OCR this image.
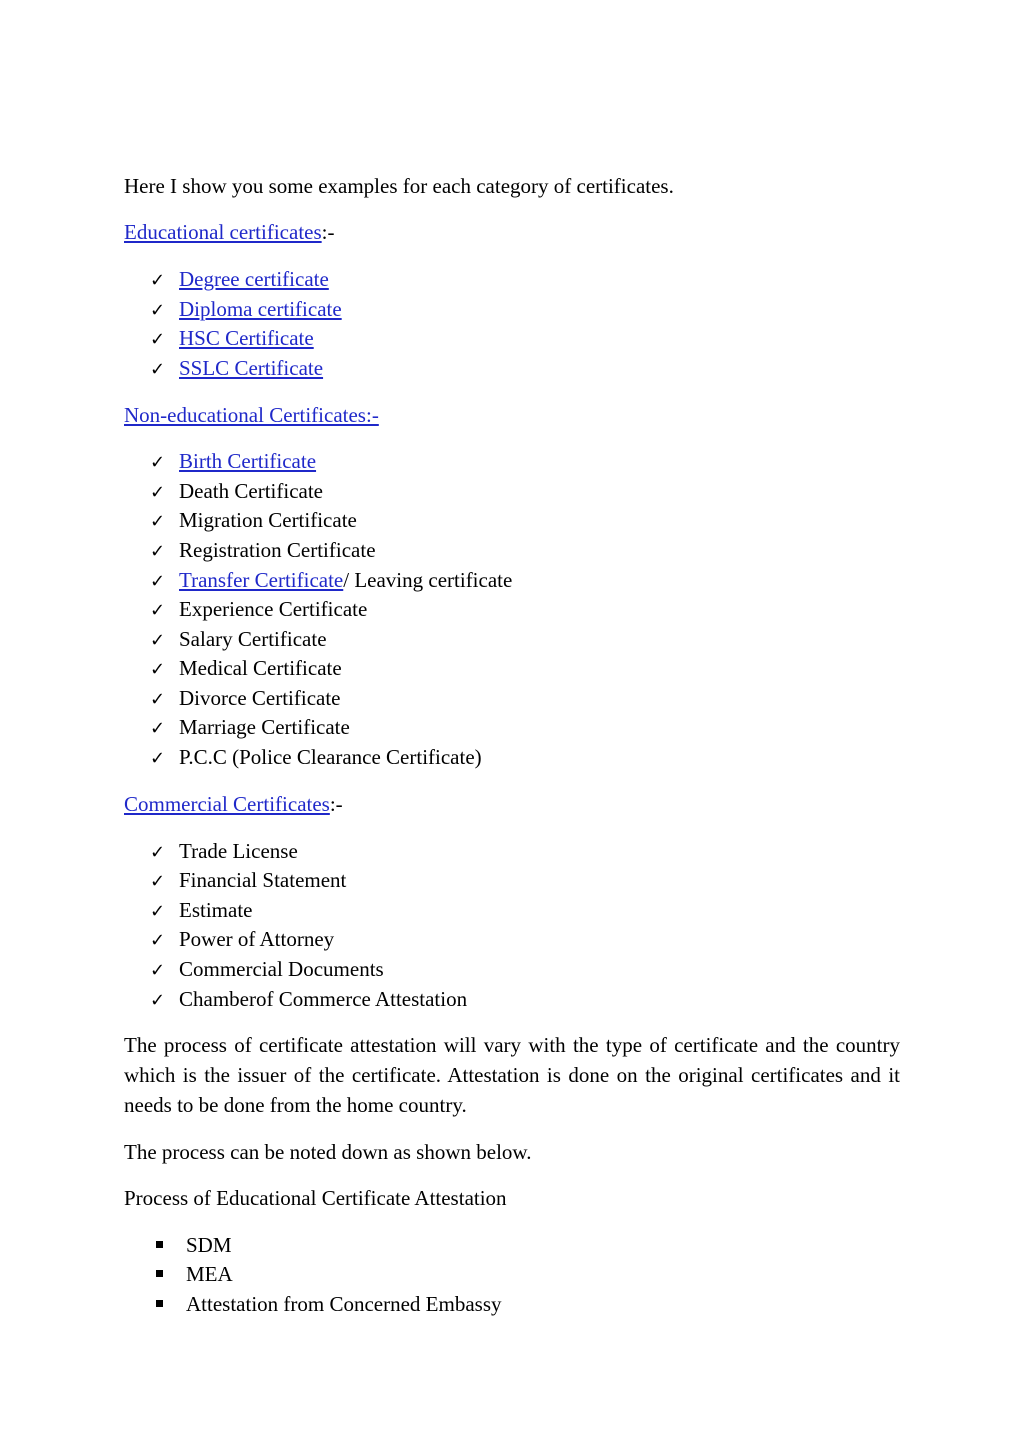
Here I show you some examples for each category of certificates.
Educational certificates:-
✓ Degree certificate
✓ Diploma certificate
✓ HSC Certificate
✓ SSLC Certificate
Non-educational Certificates:-
✓ Birth Certificate
✓ Death Certificate
✓ Migration Certificate
✓ Registration Certificate
✓ Transfer Certificate/ Leaving certificate
✓ Experience Certificate
✓ Salary Certificate
✓ Medical Certificate
✓ Divorce Certificate
✓ Marriage Certificate
✓ P.C.C (Police Clearance Certificate)
Commercial Certificates:-
✓ Trade License
✓ Financial Statement
✓ Estimate
✓ Power of Attorney
✓ Commercial Documents
✓ Chamberof Commerce Attestation
The process of certificate attestation will vary with the type of certificate and the country which is the issuer of the certificate. Attestation is done on the original certificates and it needs to be done from the home country.
The process can be noted down as shown below.
Process of Educational Certificate Attestation
SDM
MEA
Attestation from Concerned Embassy
